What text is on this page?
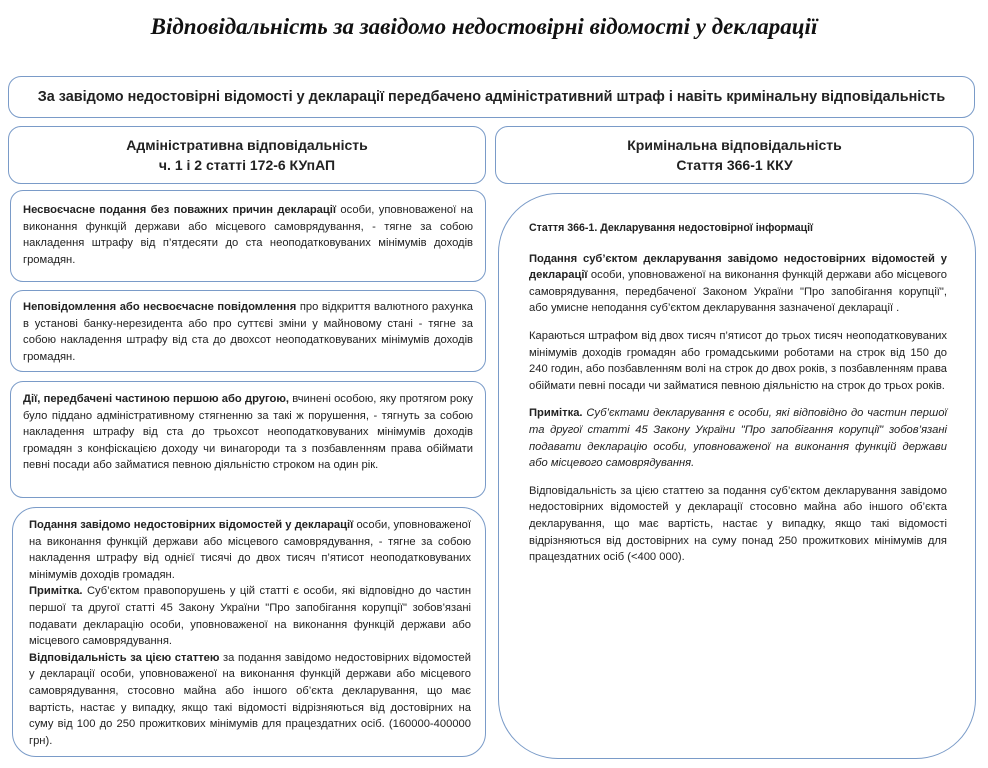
Відповідальність за завідомо недостовірні відомості у декларації
За завідомо недостовірні відомості у декларації передбачено адміністративний штраф і навіть кримінальну відповідальність
Адміністративна відповідальність
ч. 1 і 2 статті 172-6 КУпАП
Кримінальна відповідальність
Стаття 366-1 ККУ

Несвоєчасне подання без поважних причин декларації особи, уповноваженої на виконання функцій держави або місцевого самоврядування, - тягне за собою накладення штрафу від п’ятдесяти до ста неоподатковуваних мінімумів доходів громадян.

Неповідомлення або несвоєчасне повідомлення про відкриття валютного рахунка в установі банку-нерезидента або про суттєві зміни у майновому стані - тягне за собою накладення штрафу від ста до двохсот неоподатковуваних мінімумів доходів громадян.

Дії, передбачені частиною першою або другою, вчинені особою, яку протягом року було піддано адміністративному стягненню за такі ж порушення, - тягнуть за собою накладення штрафу від ста до трьохсот неоподатковуваних мінімумів доходів громадян з конфіскацією доходу чи винагороди та з позбавленням права обіймати певні посади або займатися певною діяльністю строком на один рік.

Подання завідомо недостовірних відомостей у декларації особи, уповноваженої на виконання функцій держави або місцевого самоврядування, - тягне за собою накладення штрафу від однієї тисячі до двох тисяч п’ятисот неоподатковуваних мінімумів доходів громадян.

Примітка. Суб’єктом правопорушень у цій статті є особи, які відповідно до частин першої та другої статті 45 Закону України "Про запобігання корупції" зобов’язані подавати декларацію особи, уповноваженої на виконання функцій держави або місцевого самоврядування.

Відповідальність за цією статтею за подання завідомо недостовірних відомостей у декларації особи, уповноваженої на виконання функцій держави або місцевого самоврядування, стосовно майна або іншого об’єкта декларування, що має вартість, настає у випадку, якщо такі відомості відрізняються від достовірних на суму від 100 до 250 прожиткових мінімумів для працездатних осіб. (160000-400000 грн).

Стаття 366-1. Декларування недостовірної інформації

Подання суб’єктом декларування завідомо недостовірних відомостей у декларації особи, уповноваженої на виконання функцій держави або місцевого самоврядування, передбаченої Законом України "Про запобігання корупції", або умисне неподання суб’єктом декларування зазначеної декларації .

Караються штрафом від двох тисяч п’ятисот до трьох тисяч неоподатковуваних мінімумів доходів громадян або громадськими роботами на строк від 150 до 240 годин, або позбавленням волі на строк до двох років, з позбавленням права обіймати певні посади чи займатися певною діяльністю на строк до трьох років.

Примітка. Суб’єктами декларування є особи, які відповідно до частин першої та другої статті 45 Закону України "Про запобігання корупції" зобов’язані подавати декларацію особи, уповноваженої на виконання функцій держави або місцевого самоврядування.

Відповідальність за цією статтею за подання суб’єктом декларування завідомо недостовірних відомостей у декларації стосовно майна або іншого об’єкта декларування, що має вартість, настає у випадку, якщо такі відомості відрізняються від достовірних на суму понад 250 прожиткових мінімумів для працездатних осіб (<400 000).
